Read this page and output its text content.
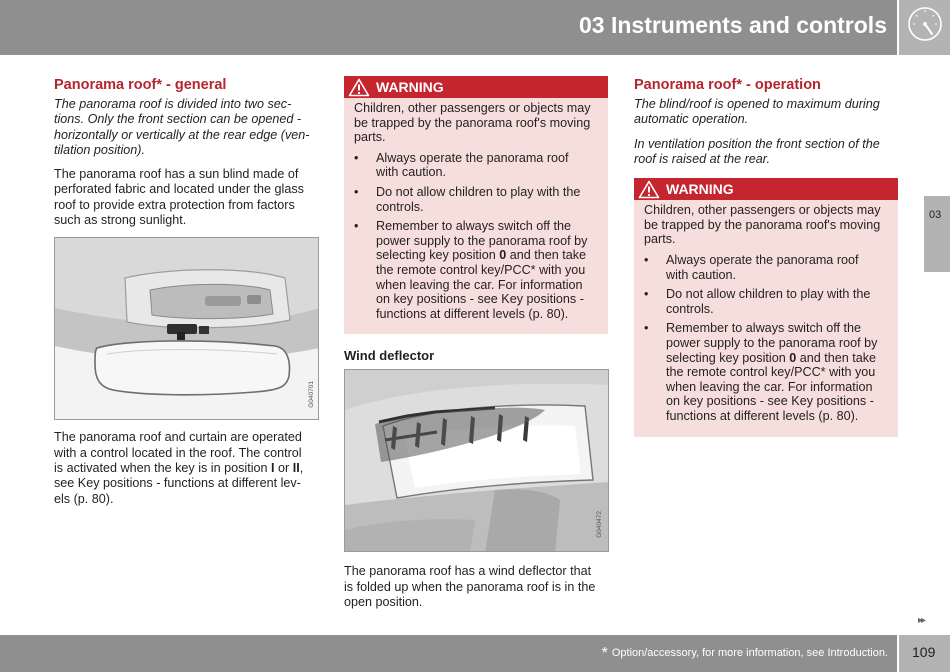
03 Instruments and controls
03
Panorama roof* - general

The panorama roof is divided into two sec-
tions. Only the front section can be opened -
horizontally or vertically at the rear edge (ven-
tilation position).

The panorama roof has a sun blind made of
perforated fabric and located under the glass
roof to provide extra protection from factors
such as strong sunlight.

G040701

The panorama roof and curtain are operated
with a control located in the roof. The control
is activated when the key is in position I or II,
see Key positions - functions at different lev-
els (p. 80).

WARNING
Children, other passengers or objects may
be trapped by the panorama roof's moving
parts.
• Always operate the panorama roof
with caution.
• Do not allow children to play with the
controls.
• Remember to always switch off the
power supply to the panorama roof by
selecting key position 0 and then take
the remote control key/PCC* with you
when leaving the car. For information
on key positions - see Key positions -
functions at different levels (p. 80).
Wind deflector
G040472

The panorama roof has a wind deflector that
is folded up when the panorama roof is in the
open position.

Panorama roof* - operation

The blind/roof is opened to maximum during
automatic operation.

In ventilation position the front section of the
roof is raised at the rear.

WARNING
Children, other passengers or objects may
be trapped by the panorama roof's moving
parts.
• Always operate the panorama roof
with caution.
• Do not allow children to play with the
controls.
• Remember to always switch off the
power supply to the panorama roof by
selecting key position 0 and then take
the remote control key/PCC* with you
when leaving the car. For information
on key positions - see Key positions -
functions at different levels (p. 80).
▸▸
* Option/accessory, for more information, see Introduction. 109
